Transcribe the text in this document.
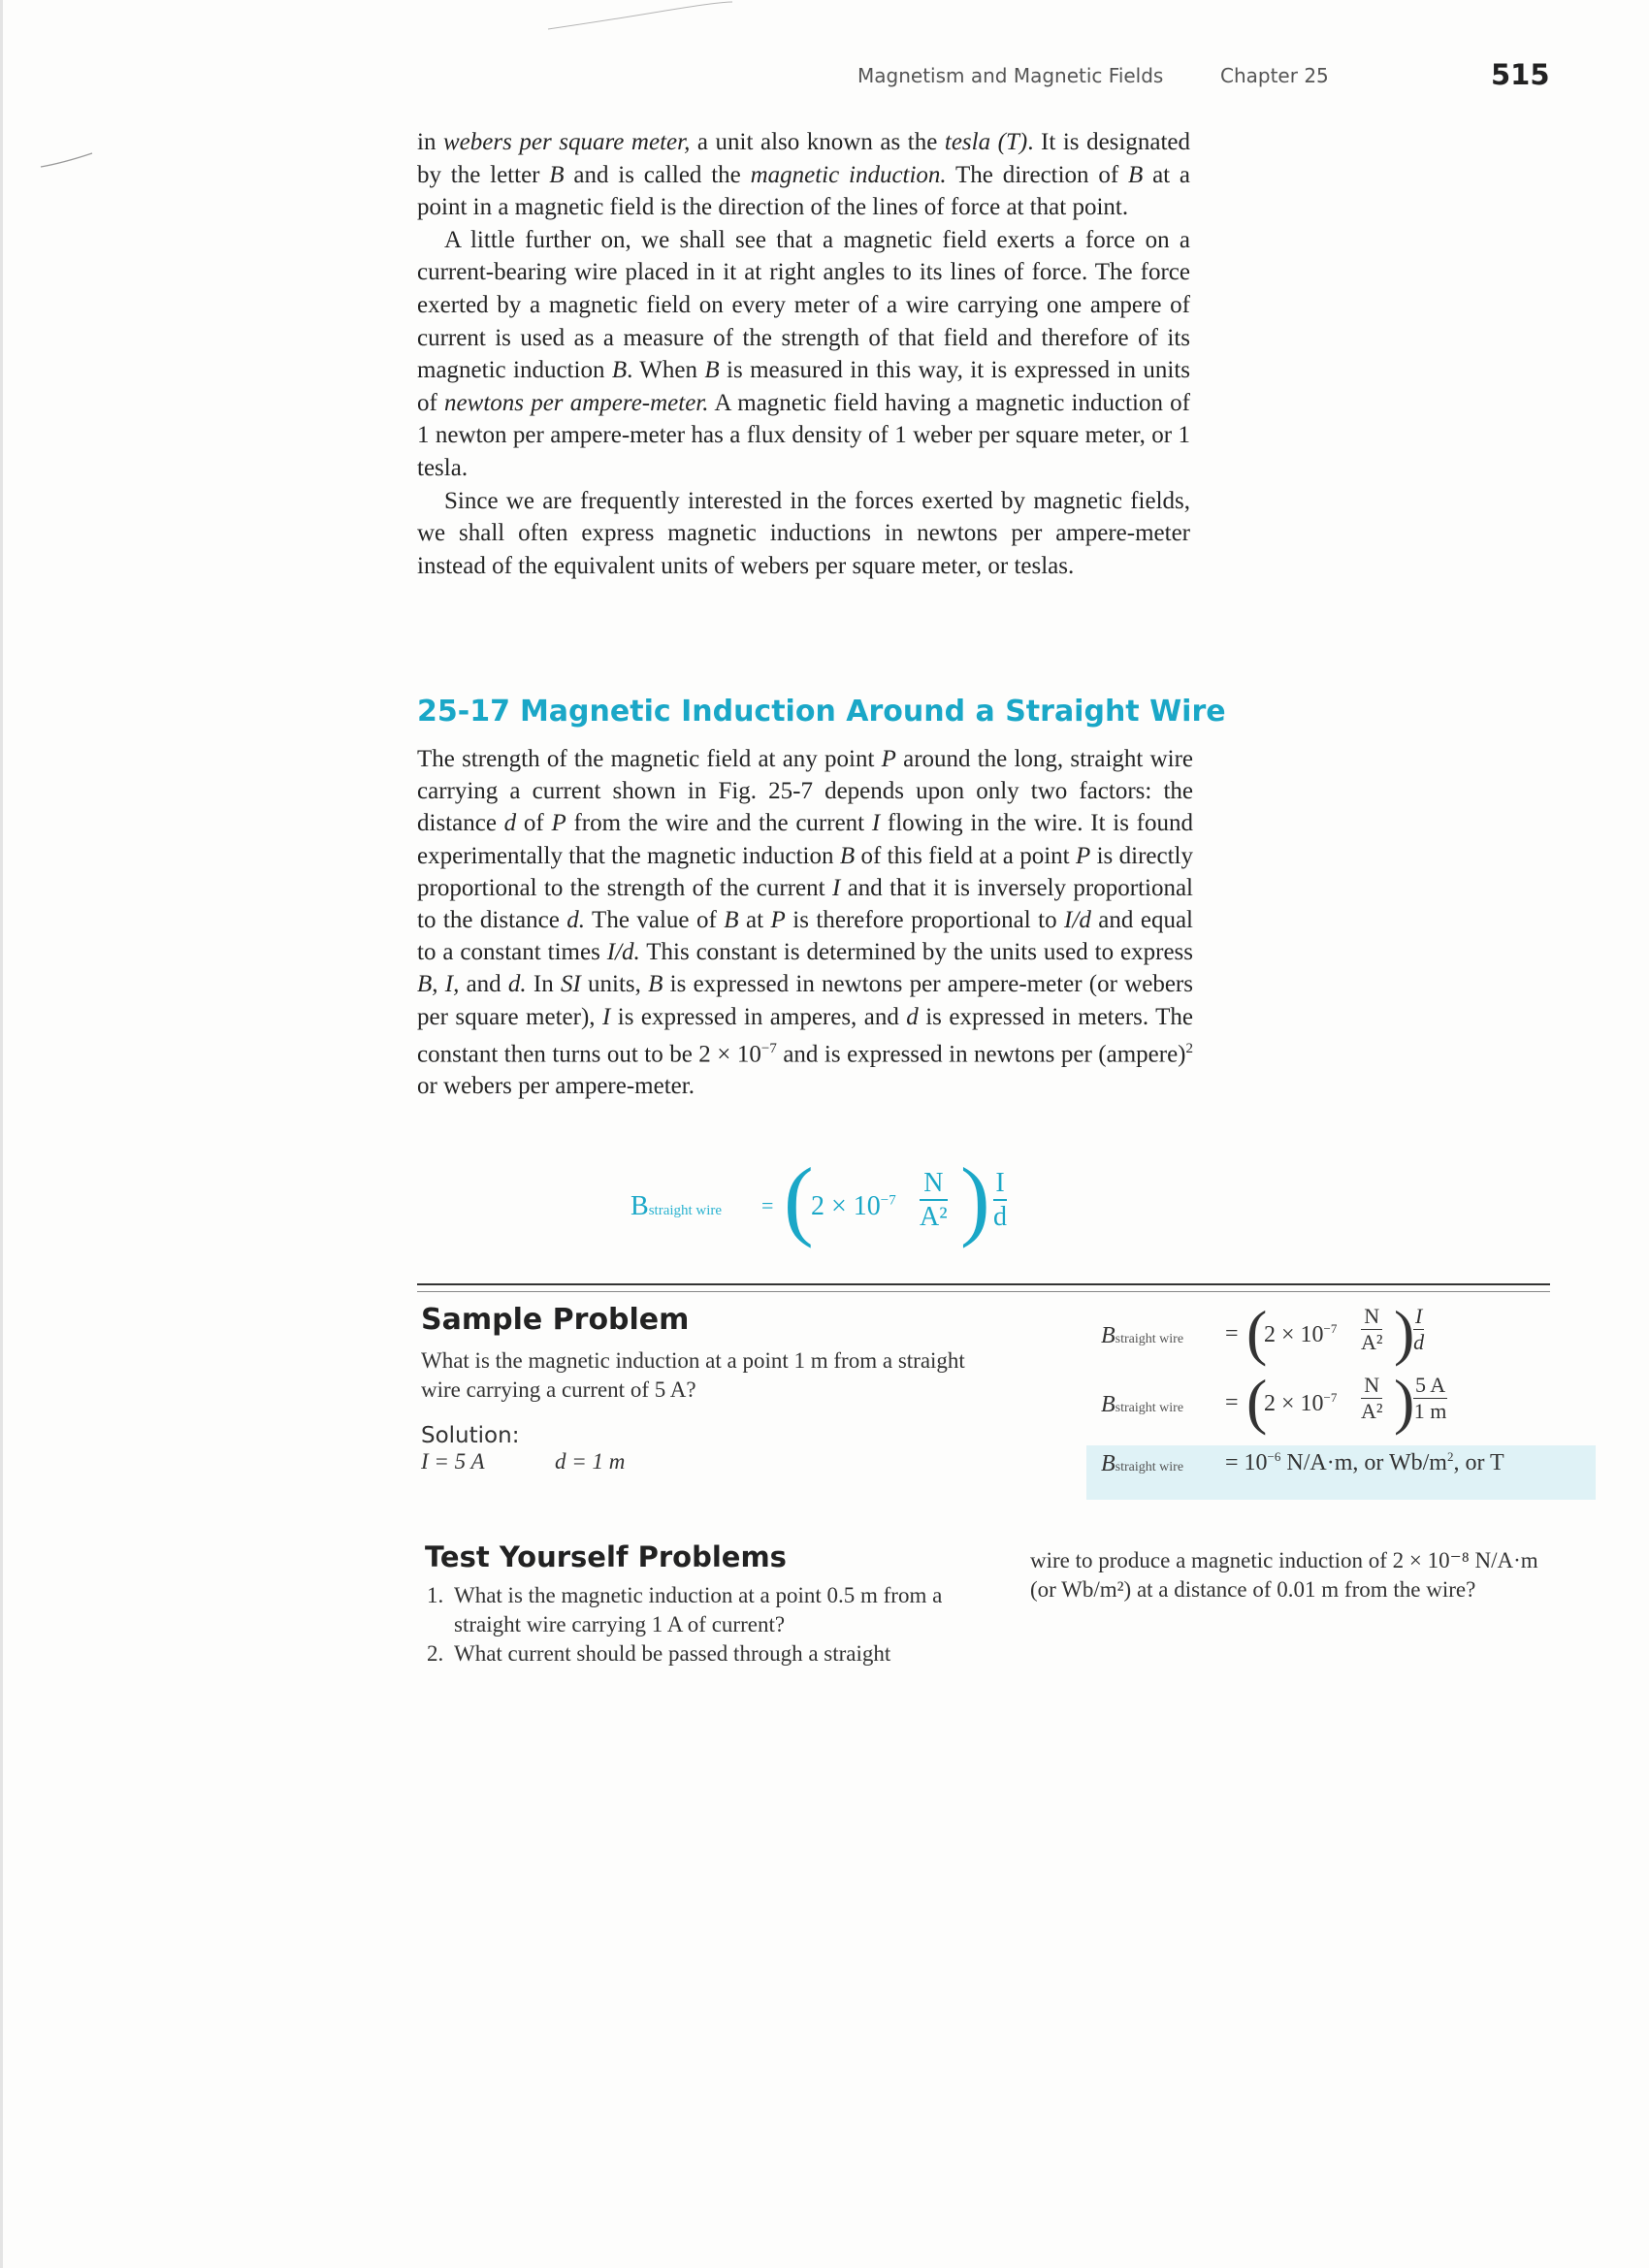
Magnetism and Magnetic Fields	Chapter 25	515

in webers per square meter, a unit also known as the tesla (T). It is designated by the letter B and is called the magnetic induction. The direction of B at a point in a magnetic field is the direction of the lines of force at that point.

A little further on, we shall see that a magnetic field exerts a force on a current-bearing wire placed in it at right angles to its lines of force. The force exerted by a magnetic field on every meter of a wire carrying one ampere of current is used as a measure of the strength of that field and therefore of its magnetic induction B. When B is measured in this way, it is expressed in units of newtons per ampere-meter. A magnetic field having a magnetic induction of 1 newton per ampere-meter has a flux density of 1 weber per square meter, or 1 tesla.

Since we are frequently interested in the forces exerted by magnetic fields, we shall often express magnetic inductions in newtons per ampere-meter instead of the equivalent units of webers per square meter, or teslas.

25-17 Magnetic Induction Around a Straight Wire

The strength of the magnetic field at any point P around the long, straight wire carrying a current shown in Fig. 25-7 depends upon only two factors: the distance d of P from the wire and the current I flowing in the wire. It is found experimentally that the magnetic induction B of this field at a point P is directly proportional to the strength of the current I and that it is inversely proportional to the distance d. The value of B at P is therefore proportional to I/d and equal to a constant times I/d. This constant is determined by the units used to express B, I, and d. In SI units, B is expressed in newtons per ampere-meter (or webers per square meter), I is expressed in amperes, and d is expressed in meters. The constant then turns out to be $2 \times 10^{-7}$ and is expressed in newtons per (ampere)$^2$ or webers per ampere-meter.

Bstraight wire = (
$2 \times 10^{-7} \frac{N}{\text{A²}}$ ) $\frac{I}{d}$
Sample Problem
What is the magnetic induction at a point 1 m from a straight wire carrying a current of 5 A?
Solution:
I = 5 A	d = 1 m
Bstraight wire = (
$2 \times 10^{-7} \frac{N}{\text{A²}}$ )
$\frac{I}{d}$
Bstraight wire = (
$2 \times 10^{-7} \frac{N}{\text{A²}}$ )
$\frac{5 A}{1 m}$
Bstraight wire = $10^{-6}$ N/A·m, or $Wb/m^2$, or T
Test Yourself Problems
1. What is the magnetic induction at a point 0.5 m from a straight wire carrying 1 A of current?
2. What current should be passed through a straight
wire to produce a magnetic induction of 2 × 10⁻⁸ N/A·m (or Wb/m²) at a distance of 0.01 m from the wire?
